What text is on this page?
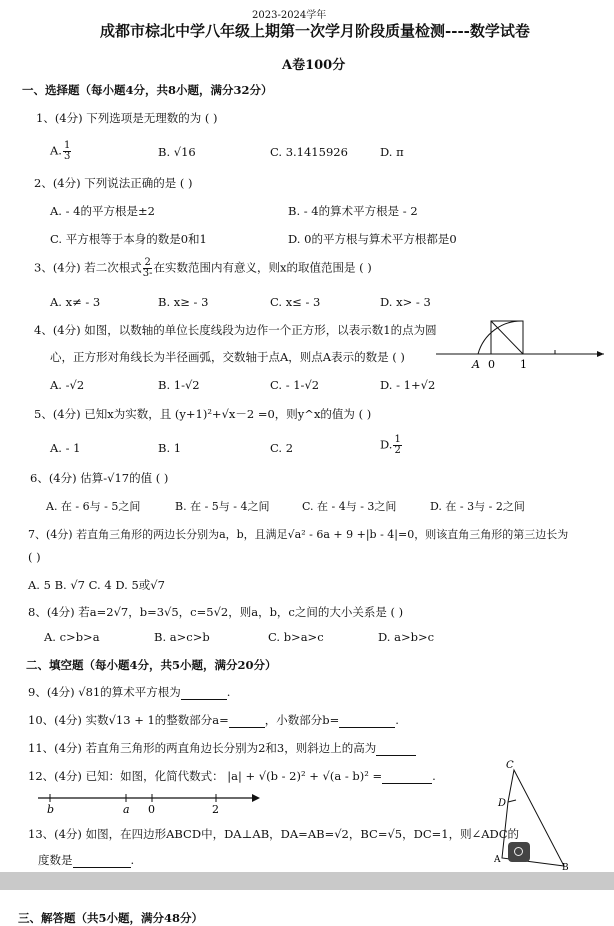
2023-2024学年
成都市棕北中学八年级上期第一次学月阶段质量检测----数学试卷
A卷100分
一、选择题（每小题4分，共8小题，满分32分）
1、(4分) 下列选项是无理数的为 ( )
A. $\frac{1}{3}$	B. √16	C. 3.1415926	D. π
2、(4分) 下列说法正确的是 ( )
A. - 4的平方根是±2	B. - 4的算术平方根是 - 2
C. 平方根等于本身的数是0和1	D. 0的平方根与算术平方根都是0
3、(4分) 若二次根式 $\frac{2}{3-}$ 在实数范围内有意义，则x的取值范围是 ( )
A. x≠ - 3	B. x≥ - 3	C. x≤ - 3	D. x> - 3
4、(4分) 如图，以数轴的单位长度线段为边作一个正方形，以表示数1的点为圆
心，正方形对角线长为半径画弧，交数轴于点A，则点A表示的数是 ( )
A 0 1
A. -√2	B. 1-√2	C. - 1-√2	D. - 1+√2
5、(4分) 已知x为实数，且 (y+1)²+√x－2 =0，则y^x的值为 ( )
A. - 1	B. 1	C. 2	D. $\frac{1}{2}$
6、(4分) 估算-√17的值 ( )
A. 在 - 6与 - 5之间	B. 在 - 5与 - 4之间	C. 在 - 4与 - 3之间	D. 在 - 3与 - 2之间
7、(4分) 若直角三角形的两边长分别为a，b，且满足√a² - 6a + 9 +|b - 4|=0，则该直角三角形的第三边长为
( )
A. 5 B. √7 C. 4 D. 5或√7
8、(4分) 若a=2√7，b=3√5，c=5√2，则a，b，c之间的大小关系是 ( )
A. c>b>a	B. a>c>b	C. b>a>c	D. a>b>c
二、填空题（每小题4分，共5小题，满分20分）
9、(4分) √81的算术平方根为	.
10、(4分) 实数√13 + 1的整数部分a=	，小数部分b=	.
11、(4分) 若直角三角形的两直角边长分别为2和3，则斜边上的高为
12、(4分) 已知：如图，化简代数式： |a| + √(b - 2)² + √(a - b)² =	.
b	a 0	2
13、(4分) 如图，在四边形ABCD中，DA⊥AB，DA=AB=√2，BC=√5，DC=1，则∠ADC的
度数是	.
C
D
A
B
三、解答题（共5小题，满分48分）
